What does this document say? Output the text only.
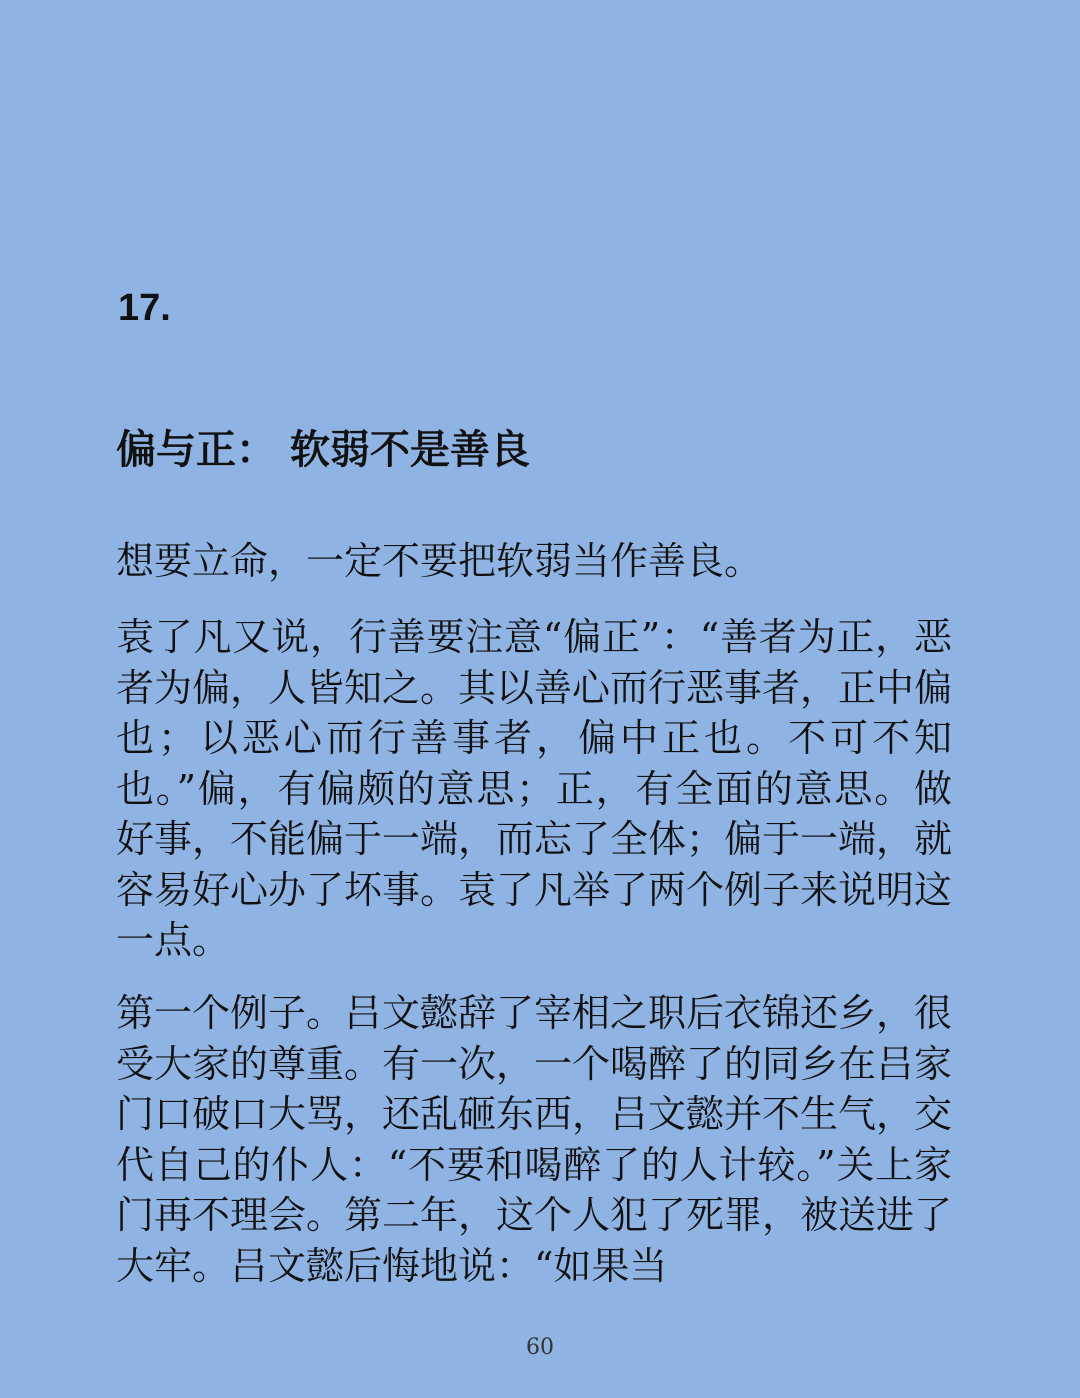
17.
偏与正： 软弱不是善良

想要立命，一定不要把软弱当作善良。

袁了凡又说，行善要注意“偏正”：“善者为正，恶者为偏，人皆知之。其以善心而行恶事者，正中偏也；以恶心而行善事者，偏中正也。不可不知也。”偏，有偏颇的意思；正，有全面的意思。做好事，不能偏于一端，而忘了全体；偏于一端，就容易好心办了坏事。袁了凡举了两个例子来说明这一点。

第一个例子。吕文懿辞了宰相之职后衣锦还乡，很受大家的尊重。有一次，一个喝醉了的同乡在吕家门口破口大骂，还乱砸东西，吕文懿并不生气，交代自己的仆人：“不要和喝醉了的人计较。”关上家门再不理会。第二年，这个人犯了死罪，被送进了大牢。吕文懿后悔地说：“如果当

60
